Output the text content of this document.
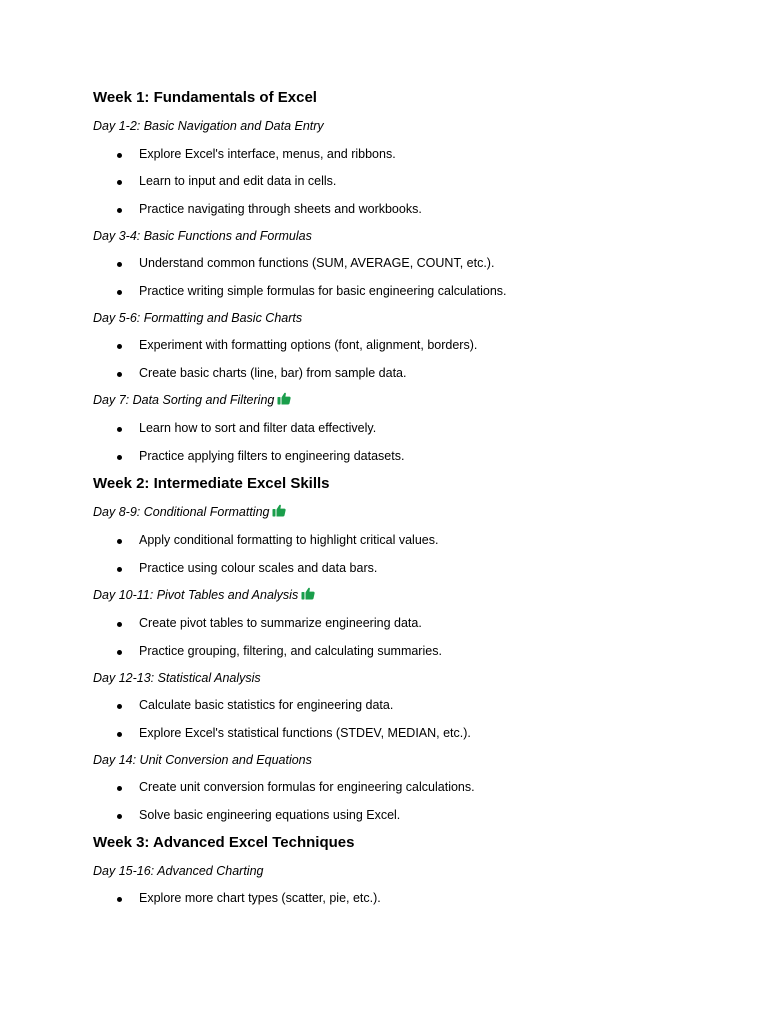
Week 1: Fundamentals of Excel

Day 1-2: Basic Navigation and Data Entry

Explore Excel's interface, menus, and ribbons.
Learn to input and edit data in cells.
Practice navigating through sheets and workbooks.

Day 3-4: Basic Functions and Formulas

Understand common functions (SUM, AVERAGE, COUNT, etc.).
Practice writing simple formulas for basic engineering calculations.

Day 5-6: Formatting and Basic Charts

Experiment with formatting options (font, alignment, borders).
Create basic charts (line, bar) from sample data.

Day 7: Data Sorting and Filtering

Learn how to sort and filter data effectively.
Practice applying filters to engineering datasets.
Week 2: Intermediate Excel Skills

Day 8-9: Conditional Formatting

Apply conditional formatting to highlight critical values.
Practice using colour scales and data bars.

Day 10-11: Pivot Tables and Analysis

Create pivot tables to summarize engineering data.
Practice grouping, filtering, and calculating summaries.

Day 12-13: Statistical Analysis

Calculate basic statistics for engineering data.
Explore Excel's statistical functions (STDEV, MEDIAN, etc.).

Day 14: Unit Conversion and Equations

Create unit conversion formulas for engineering calculations.
Solve basic engineering equations using Excel.
Week 3: Advanced Excel Techniques

Day 15-16: Advanced Charting

Explore more chart types (scatter, pie, etc.).
